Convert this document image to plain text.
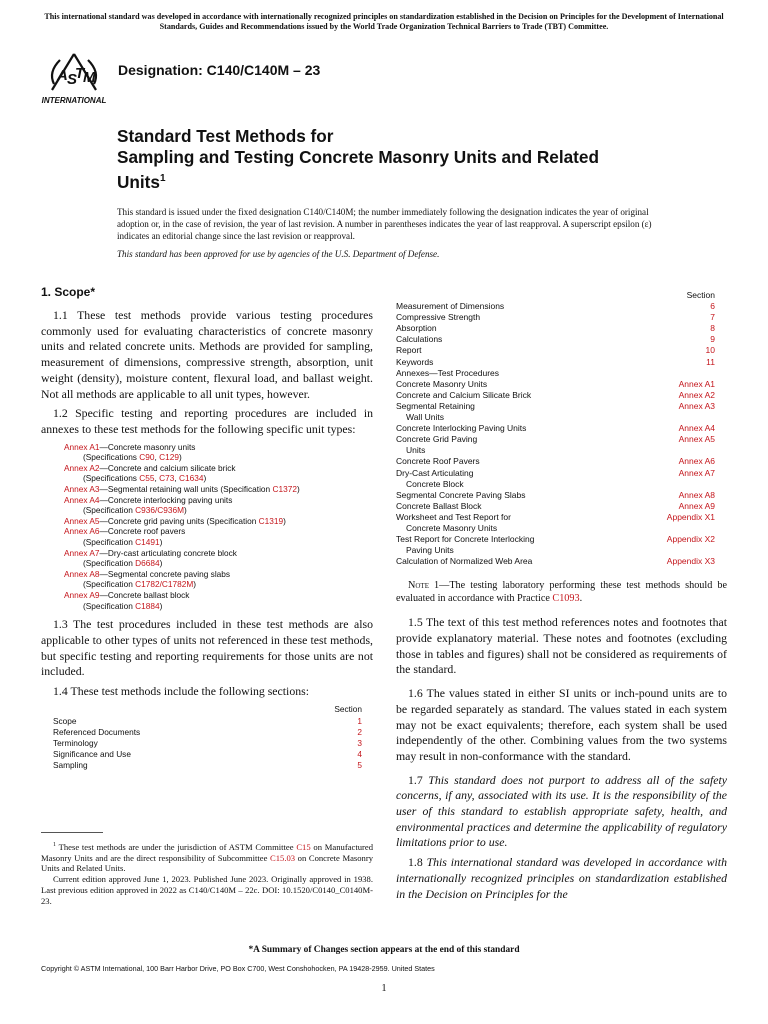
This international standard was developed in accordance with internationally recognized principles on standardization established in the Decision on Principles for the Development of International Standards, Guides and Recommendations issued by the World Trade Organization Technical Barriers to Trade (TBT) Committee.
A S
T
M
INTERNATIONAL
Designation: C140/C140M – 23
Standard Test Methods for
Sampling and Testing Concrete Masonry Units and Related
Units$^1$
This standard is issued under the fixed designation C140/C140M; the number immediately following the designation indicates the year of original adoption or, in the case of revision, the year of last revision. A number in parentheses indicates the year of last reapproval. A superscript epsilon (ε) indicates an editorial change since the last revision or reapproval.
This standard has been approved for use by agencies of the U.S. Department of Defense.
1. Scope*

1.1 These test methods provide various testing procedures commonly used for evaluating characteristics of concrete masonry units and related concrete units. Methods are provided for sampling, measurement of dimensions, compressive strength, absorption, unit weight (density), moisture content, flexural load, and ballast weight. Not all methods are applicable to all unit types, however.

1.2 Specific testing and reporting procedures are included in annexes to these test methods for the following specific unit types:

Annex A1—Concrete masonry units
(Specifications C90, C129)
Annex A2—Concrete and calcium silicate brick
(Specifications C55, C73, C1634)
Annex A3—Segmental retaining wall units (Specification C1372)
Annex A4—Concrete interlocking paving units
(Specification C936/C936M)
Annex A5—Concrete grid paving units (Specification C1319)
Annex A6—Concrete roof pavers
(Specification C1491)
Annex A7—Dry-cast articulating concrete block
(Specification D6684)
Annex A8—Segmental concrete paving slabs
(Specification C1782/C1782M)
Annex A9—Concrete ballast block
(Specification C1884)

1.3 The test procedures included in these test methods are also applicable to other types of units not referenced in these test methods, but specific testing and reporting requirements for those units are not included.

1.4 These test methods include the following sections:

Section
Scope	1
Referenced Documents	2
Terminology	3
Significance and Use	4
Sampling	5

$^1$ These test methods are under the jurisdiction of ASTM Committee C15 on Manufactured Masonry Units and are the direct responsibility of Subcommittee C15.03 on Concrete Masonry Units and Related Units.

Current edition approved June 1, 2023. Published June 2023. Originally approved in 1938. Last previous edition approved in 2022 as C140/C140M – 22c. DOI: 10.1520/C0140_C0140M-23.

Section
Measurement of Dimensions	6
Compressive Strength	7
Absorption	8
Calculations	9
Report	10
Keywords	11
Annexes—Test Procedures
Concrete Masonry Units	Annex A1
Concrete and Calcium Silicate Brick	Annex A2
Segmental Retaining	Annex A3
Wall Units
Concrete Interlocking Paving Units	Annex A4
Concrete Grid Paving	Annex A5
Units
Concrete Roof Pavers	Annex A6
Dry-Cast Articulating	Annex A7
Concrete Block
Segmental Concrete Paving Slabs	Annex A8
Concrete Ballast Block	Annex A9
Worksheet and Test Report for	Appendix X1
Concrete Masonry Units
Test Report for Concrete Interlocking	Appendix X2
Paving Units
Calculation of Normalized Web Area	Appendix X3

Note 1—The testing laboratory performing these test methods should be evaluated in accordance with Practice C1093.

1.5 The text of this test method references notes and footnotes that provide explanatory material. These notes and footnotes (excluding those in tables and figures) shall not be considered as requirements of the standard.

1.6 The values stated in either SI units or inch-pound units are to be regarded separately as standard. The values stated in each system may not be exact equivalents; therefore, each system shall be used independently of the other. Combining values from the two systems may result in non-conformance with the standard.

1.7 This standard does not purport to address all of the safety concerns, if any, associated with its use. It is the responsibility of the user of this standard to establish appropriate safety, health, and environmental practices and determine the applicability of regulatory limitations prior to use.

1.8 This international standard was developed in accordance with internationally recognized principles on standardization established in the Decision on Principles for the

*A Summary of Changes section appears at the end of this standard
Copyright © ASTM International, 100 Barr Harbor Drive, PO Box C700, West Conshohocken, PA 19428-2959. United States
1
